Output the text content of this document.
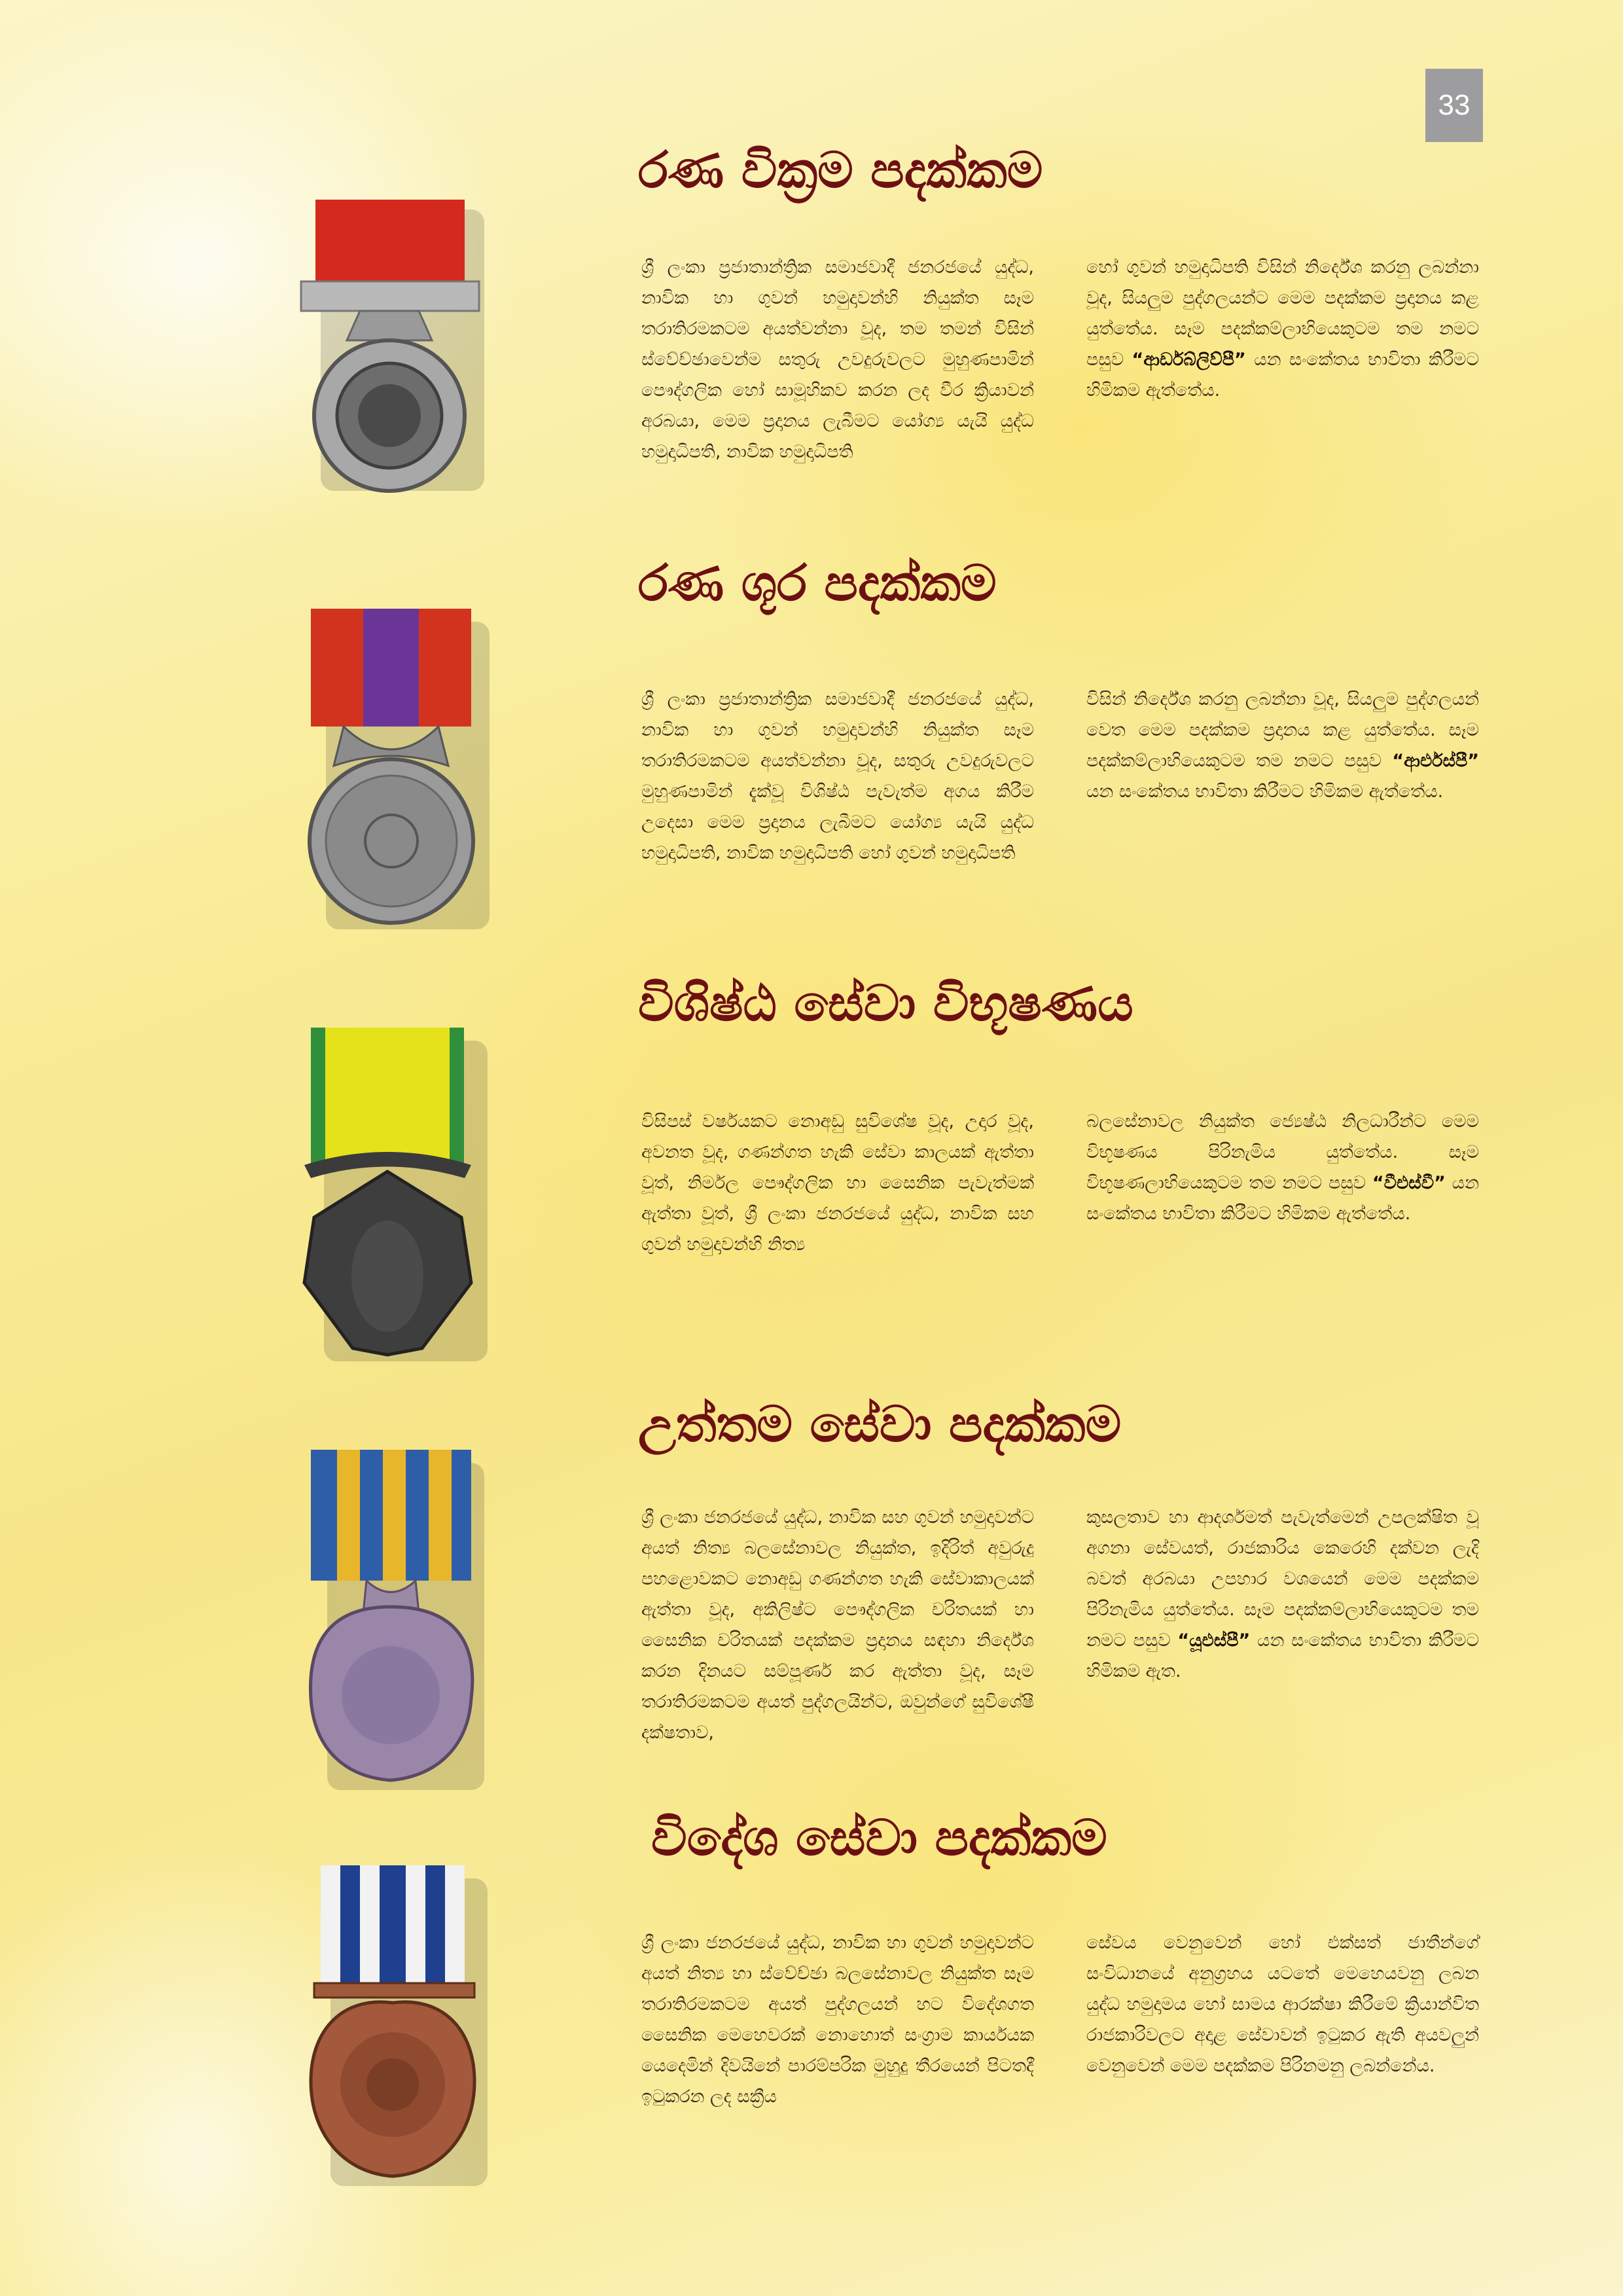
33
රණ වික්‍රම පදක්කම
ශ්‍රී ලංකා ප්‍රජාතාන්ත්‍රික සමාජවාදී ජනරජයේ යුද්ධ, නාවික හා ගුවන් හමුදාවන්හි නියුක්ත සෑම තරාතිරමකටම අයත්වන්නා වූද, තම තමන් විසින් ස්වේච්ඡාවෙන්ම සතුරු උවදුරුවලට මුහුණපාමින් පෞද්ගලික හෝ සාමූහිකව කරන ලද වීර ක්‍රියාවන් අරබයා, මෙම ප්‍රදානය ලැබීමට යෝග්‍ය යැයි යුද්ධ හමුදාධිපති, නාවික හමුදාධිපති
හෝ ගුවන් හමුදාධිපති විසින් නිර්දේශ කරනු ලබන්නා වූද, සියලුම පුද්ගලයන්ට මෙම පදක්කම ප්‍රදානය කළ යුත්තේය. සෑම පදක්කම්ලාභියෙකුටම තම නමට පසුව “ආර්ඩබ්ලිව්පී” යන සංකේතය භාවිතා කිරීමට හිමිකම ඇත්තේය.
රණ ශූර පදක්කම
ශ්‍රී ලංකා ප්‍රජාතාන්ත්‍රික සමාජවාදී ජනරජයේ යුද්ධ, නාවික හා ගුවන් හමුදාවන්හි නියුක්ත සෑම තරාතිරමකටම අයත්වන්නා වූද, සතුරු උවදුරුවලට මුහුණපාමින් දැක්වූ විශිෂ්ඨ පැවැත්ම අගය කිරීම උදෙසා මෙම ප්‍රදානය ලැබීමට යෝග්‍ය යැයි යුද්ධ හමුදාධිපති, නාවික හමුදාධිපති හෝ ගුවන් හමුදාධිපති
විසින් නිර්දේශ කරනු ලබන්නා වූද, සියලුම පුද්ගලයන් වෙත මෙම පදක්කම ප්‍රදානය කළ යුත්තේය. සෑම පදක්කම්ලාභියෙකුටම තම නමට පසුව “ආර්එස්පී” යන සංකේතය භාවිතා කිරීමට හිමිකම ඇත්තේය.
විශිෂ්ඨ සේවා විභූෂණය
විසිපස් වර්ෂයකට නොඅඩු සුවිශේෂ වූද, උදාර වූද, අවනත වූද, ගණන්ගත හැකි සේවා කාලයක් ඇත්තා වූත්, නිර්මල පෞද්ගලික හා සෛනික පැවැත්මක් ඇත්තා වූත්, ශ්‍රී ලංකා ජනරජයේ යුද්ධ, නාවික සහ ගුවන් හමුදාවන්හි නිත්‍ය
බලසේනාවල නියුක්ත ජ්‍යෙෂ්ඨ නිලධාරීන්ට මෙම විභූෂණය පිරිනැමිය යුත්තේය. සෑම විභූෂණලාභියෙකුටම තම නමට පසුව “වීඑස්වී” යන සංකේතය භාවිතා කිරීමට හිමිකම ඇත්තේය.
උත්තම සේවා පදක්කම
ශ්‍රී ලංකා ජනරජයේ යුද්ධ, නාවික සහ ගුවන් හමුදාවන්ට අයත් නිත්‍ය බලසේනාවල නියුක්ත, ඉදිරිත් අවුරුදු පහළොවකට නොඅඩු ගණන්ගත හැකි සේවාකාලයක් ඇත්තා වූද, අකිලිෂ්ට පෞද්ගලික චරිතයක් හා සෛනික චරිතයක් පදක්කම ප්‍රදානය සඳහා නිර්දේශ කරන දිනයට සම්පූර්ණ කර ඇත්තා වූද, සෑම තරාතිරමකටම අයත් පුද්ගලයින්ට, ඔවුන්ගේ සුවිශේෂී දක්ෂතාව,
කුසලතාව හා ආදර්ශමත් පැවැත්මෙන් උපලක්ෂිත වූ අගනා සේවයත්, රාජකාරිය කෙරෙහි දක්වන ලැදි බවත් අරබයා උපහාර වශයෙන් මෙම පදක්කම පිරිනැමිය යුත්තේය. සෑම පදක්කම්ලාභියෙකුටම තම නමට පසුව “යූඑස්පී” යන සංකේතය භාවිතා කිරීමට හිමිකම ඇත.
විදේශ සේවා පදක්කම
ශ්‍රී ලංකා ජනරජයේ යුද්ධ, නාවික හා ගුවන් හමුදාවන්ට අයත් නිත්‍ය හා ස්වේච්ඡා බලසේනාවල නියුක්ත සෑම තරාතිරමකටම අයත් පුද්ගලයන් හට විදේශගත සෛනික මෙහෙවරක් නොහොත් සංග්‍රාම කාර්යයක යෙදෙමින් දිවයිනේ පාරම්පරික මුහුදු තීරයෙන් පිටතදී ඉටුකරන ලද සක්‍රීය
සේවය වෙනුවෙන් හෝ එක්සත් ජාතීන්ගේ සංවිධානයේ අනුග්‍රහය යටතේ මෙහෙයවනු ලබන යුද්ධ හමුදාමය හෝ සාමය ආරක්ෂා කිරීමේ ක්‍රියාන්විත රාජකාරිවලට අදාළ සේවාවන් ඉටුකර ඇති අයවලුන් වෙනුවෙන් මෙම පදක්කම පිරිනමනු ලබන්නේය.
